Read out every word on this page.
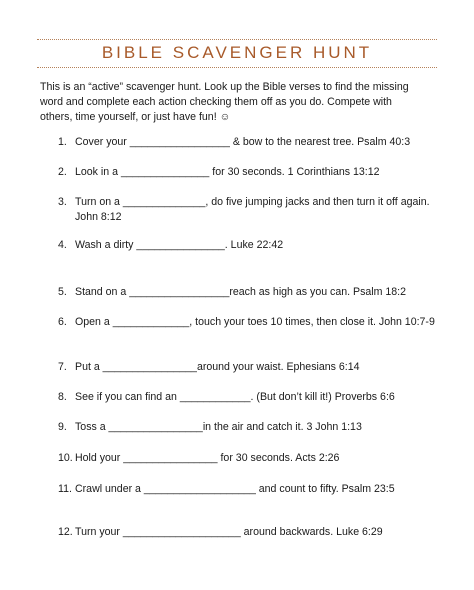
BIBLE SCAVENGER HUNT
This is an “active” scavenger hunt. Look up the Bible verses to find the missing
word and complete each action checking them off as you do. Compete with
others, time yourself, or just have fun! ☺
1. Cover your _________________ & bow to the nearest tree. Psalm 40:3
2. Look in a _______________ for 30 seconds. 1 Corinthians 13:12
3. Turn on a ______________, do five jumping jacks and then turn it off again.
John 8:12
4. Wash a dirty _______________. Luke 22:42
5. Stand on a _________________reach as high as you can. Psalm 18:2
6. Open a _____________, touch your toes 10 times, then close it. John 10:7-9
7. Put a ________________around your waist. Ephesians 6:14
8. See if you can find an ____________. (But don’t kill it!) Proverbs 6:6
9. Toss a ________________in the air and catch it. 3 John 1:13
10. Hold your ________________ for 30 seconds. Acts 2:26
11. Crawl under a ___________________ and count to fifty. Psalm 23:5
12. Turn your ____________________ around backwards. Luke 6:29
